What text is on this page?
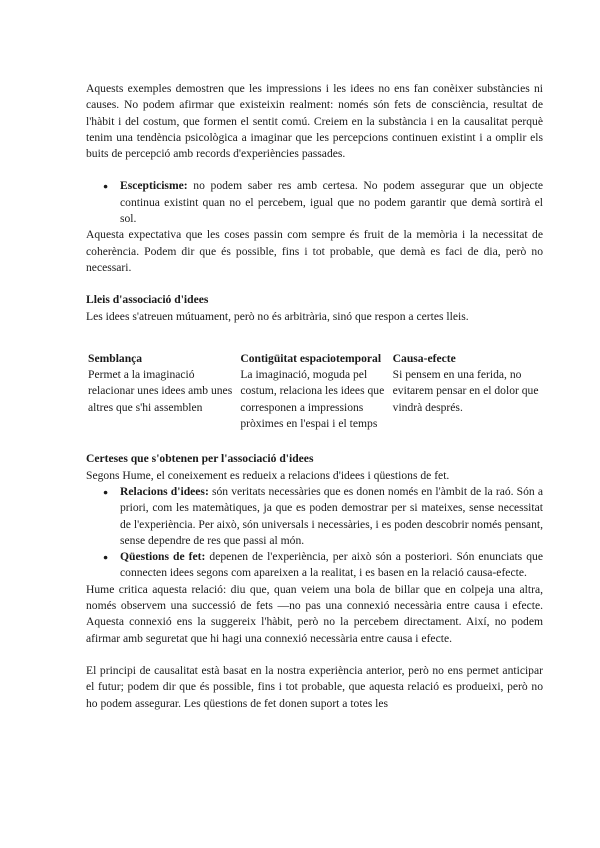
Aquests exemples demostren que les impressions i les idees no ens fan conèixer substàncies ni causes. No podem afirmar que existeixin realment: només són fets de consciència, resultat de l'hàbit i del costum, que formen el sentit comú. Creiem en la substància i en la causalitat perquè tenim una tendència psicològica a imaginar que les percepcions continuen existint i a omplir els buits de percepció amb records d'experiències passades.

● Escepticisme: no podem saber res amb certesa. No podem assegurar que un objecte continua existint quan no el percebem, igual que no podem garantir que demà sortirà el sol.

Aquesta expectativa que les coses passin com sempre és fruit de la memòria i la necessitat de coherència. Podem dir que és possible, fins i tot probable, que demà es faci de dia, però no necessari.

Lleis d'associació d'idees

Les idees s'atreuen mútuament, però no és arbitrària, sinó que respon a certes lleis.

Semblança

Permet a la imaginació relacionar unes idees amb unes altres que s'hi assemblen

Contigüitat espaciotemporal

La imaginació, moguda pel costum, relaciona les idees que corresponen a impressions pròximes en l'espai i el temps

Causa-efecte

Si pensem en una ferida, no evitarem pensar en el dolor que vindrà després.

Certeses que s'obtenen per l'associació d'idees

Segons Hume, el coneixement es redueix a relacions d'idees i qüestions de fet.

● Relacions d'idees: són veritats necessàries que es donen només en l'àmbit de la raó. Són a priori, com les matemàtiques, ja que es poden demostrar per si mateixes, sense necessitat de l'experiència. Per això, són universals i necessàries, i es poden descobrir només pensant, sense dependre de res que passi al món.
● Qüestions de fet: depenen de l'experiència, per això són a posteriori. Són enunciats que connecten idees segons com apareixen a la realitat, i es basen en la relació causa-efecte.

Hume critica aquesta relació: diu que, quan veiem una bola de billar que en colpeja una altra, només observem una successió de fets —no pas una connexió necessària entre causa i efecte. Aquesta connexió ens la suggereix l'hàbit, però no la percebem directament. Així, no podem afirmar amb seguretat que hi hagi una connexió necessària entre causa i efecte.

El principi de causalitat està basat en la nostra experiència anterior, però no ens permet anticipar el futur; podem dir que és possible, fins i tot probable, que aquesta relació es produeixi, però no ho podem assegurar. Les qüestions de fet donen suport a totes les
